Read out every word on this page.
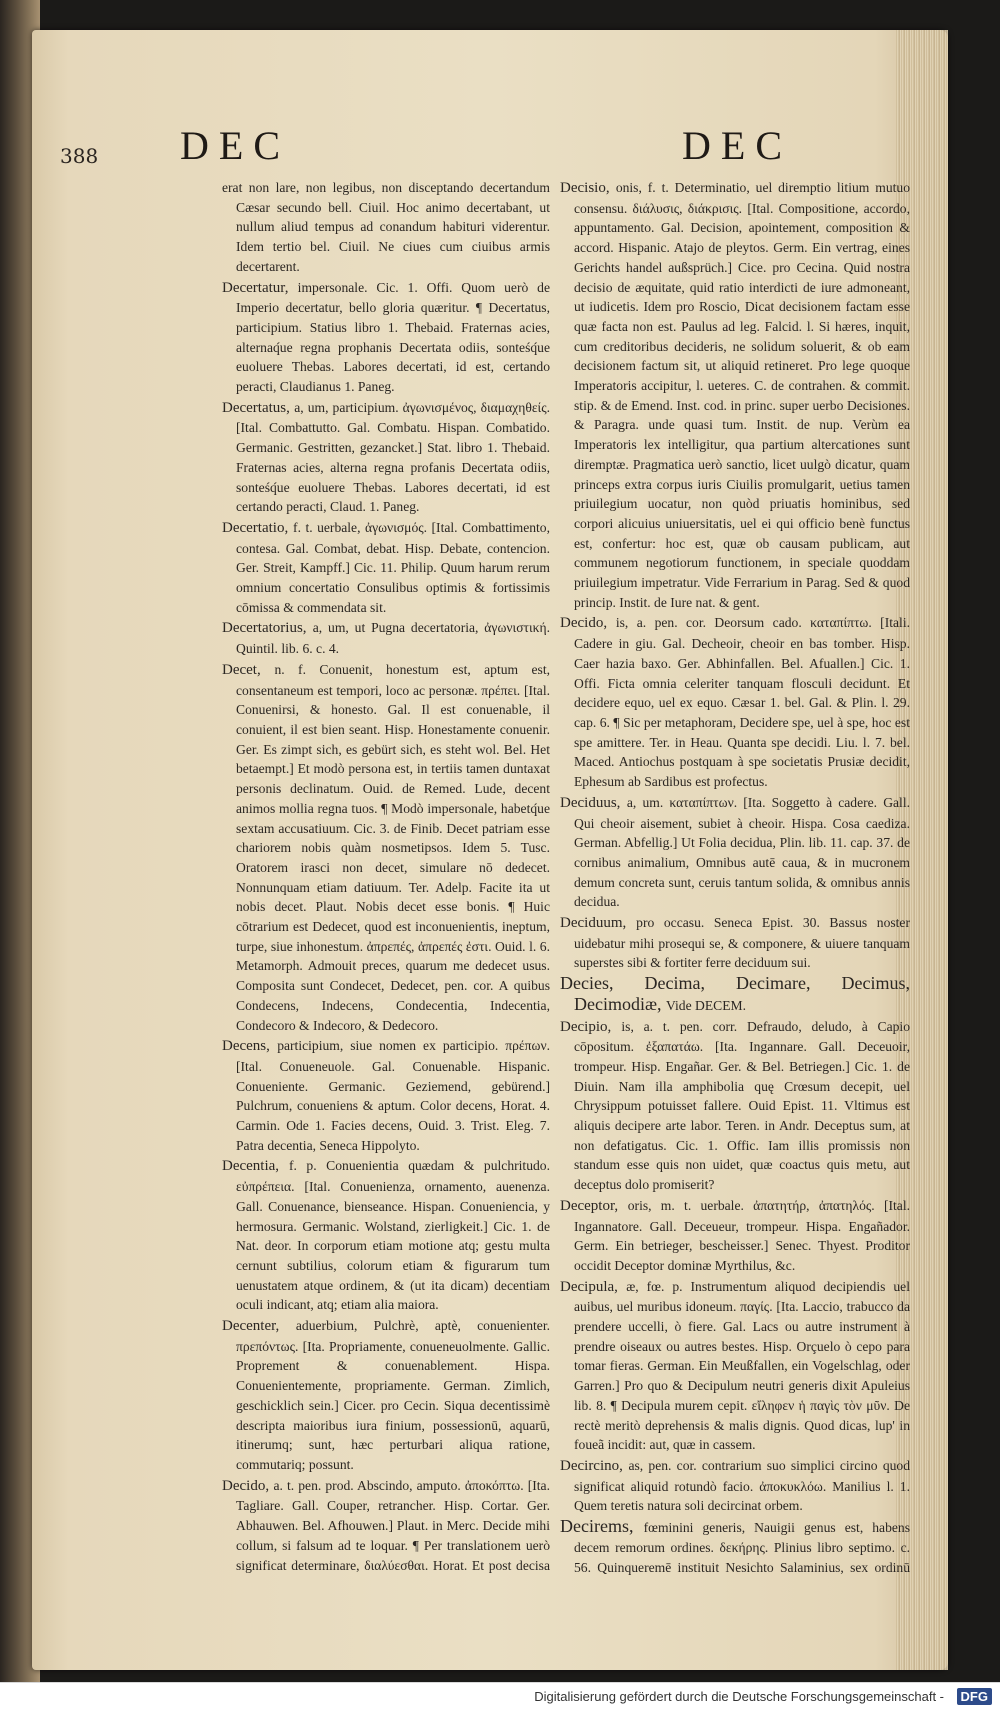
388 DEC	DEC

erat non lare, non legibus, non disceptando decertandum Cæsar secundo bell. Ciuil. Hoc animo decertabant, ut nullum aliud tempus ad conandum habituri viderentur. Idem tertio bel. Ciuil. Ne ciues cum ciuibus armis decertarent.

Decertatur, impersonale. Cic. 1. Offi. Quom uerò de Imperio decertatur, bello gloria quæritur. ¶ Decertatus, participium. Statius libro 1. Thebaid. Fraternas acies, alternaq́ue regna prophanis Decertata odiis, sonteśq́ue euoluere Thebas. Labores decertati, id est, certando peracti, Claudianus 1. Paneg.

Decertatus, a, um, participium. ἀγωνισμένος, διαμαχηθείς. [Ital. Combattutto. Gal. Combatu. Hispan. Combatido. Germanic. Gestritten, gezancket.] Stat. libro 1. Thebaid. Fraternas acies, alterna regna profanis Decertata odiis, sonteśq́ue euoluere Thebas. Labores decertati, id est certando peracti, Claud. 1. Paneg.

Decertatio, f. t. uerbale, ἀγωνισμός. [Ital. Combattimento, contesa. Gal. Combat, debat. Hisp. Debate, contencion. Ger. Streit, Kampff.] Cic. 11. Philip. Quum harum rerum omnium concertatio Consulibus optimis & fortissimis cōmissa & commendata sit.

Decertatorius, a, um, ut Pugna decertatoria, ἀγωνιστική. Quintil. lib. 6. c. 4.

Decet, n. f. Conuenit, honestum est, aptum est, consentaneum est tempori, loco ac personæ. πρέπει. [Ital. Conuenirsi, & honesto. Gal. Il est conuenable, il conuient, il est bien seant. Hisp. Honestamente conuenir. Ger. Es zimpt sich, es gebürt sich, es steht wol. Bel. Het betaempt.] Et modò persona est, in tertiis tamen duntaxat personis declinatum. Ouid. de Remed. Lude, decent animos mollia regna tuos. ¶ Modò impersonale, habetq́ue sextam accusatiuum. Cic. 3. de Finib. Decet patriam esse chariorem nobis quàm nosmetipsos. Idem 5. Tusc. Oratorem irasci non decet, simulare nō dedecet. Nonnunquam etiam datiuum. Ter. Adelp. Facite ita ut nobis decet. Plaut. Nobis decet esse bonis. ¶ Huic cōtrarium est Dedecet, quod est inconuenientis, ineptum, turpe, siue inhonestum. ἀπρεπές, ἀπρεπές ἐστι. Ouid. l. 6. Metamorph. Admouit preces, quarum me dedecet usus. Composita sunt Condecet, Dedecet, pen. cor. A quibus Condecens, Indecens, Condecentia, Indecentia, Condecoro & Indecoro, & Dedecoro.

Decens, participium, siue nomen ex participio. πρέπων. [Ital. Conueneuole. Gal. Conuenable. Hispanic. Conueniente. Germanic. Geziemend, gebürend.] Pulchrum, conueniens & aptum. Color decens, Horat. 4. Carmin. Ode 1. Facies decens, Ouid. 3. Trist. Eleg. 7. Patra decentia, Seneca Hippolyto.

Decentia, f. p. Conuenientia quædam & pulchritudo. εὐπρέπεια. [Ital. Conuenienza, ornamento, auenenza. Gall. Conuenance, bienseance. Hispan. Conueniencia, y hermosura. Germanic. Wolstand, zierligkeit.] Cic. 1. de Nat. deor. In corporum etiam motione atq; gestu multa cernunt subtilius, colorum etiam & figurarum tum uenustatem atque ordinem, & (ut ita dicam) decentiam oculi indicant, atq; etiam alia maiora.

Decenter, aduerbium, Pulchrè, aptè, conuenienter. πρεπόντως. [Ita. Propriamente, conueneuolmente. Gallic. Proprement & conuenablement. Hispa. Conuenientemente, propriamente. German. Zimlich, geschicklich sein.] Cicer. pro Cecin. Siqua decentissimè descripta maioribus iura finium, possessionū, aquarū, itinerumq; sunt, hæc perturbari aliqua ratione, commutariq; possunt.

Decido, a. t. pen. prod. Abscindo, amputo. ἀποκόπτω. [Ita. Tagliare. Gall. Couper, retrancher. Hisp. Cortar. Ger. Abhauwen. Bel. Afhouwen.] Plaut. in Merc. Decide mihi collum, si falsum ad te loquar. ¶ Per translationem uerò significat determinare, διαλύεσθαι. Horat. Et post decisa

Decisio, onis, f. t. Determinatio, uel diremptio litium mutuo consensu. διάλυσις, διάκρισις. [Ital. Compositione, accordo, appuntamento. Gal. Decision, apointement, composition & accord. Hispanic. Atajo de pleytos. Germ. Ein vertrag, eines Gerichts handel außsprüch.] Cice. pro Cecina. Quid nostra decisio de æquitate, quid ratio interdicti de iure admoneant, ut iudicetis. Idem pro Roscio, Dicat decisionem factam esse quæ facta non est. Paulus ad leg. Falcid. l. Si hæres, inquit, cum creditoribus decideris, ne solidum soluerit, & ob eam decisionem factum sit, ut aliquid retineret. Pro lege quoque Imperatoris accipitur, l. ueteres. C. de contrahen. & commit. stip. & de Emend. Inst. cod. in princ. super uerbo Decisiones. & Paragra. unde quasi tum. Instit. de nup. Verùm ea Imperatoris lex intelligitur, qua partium altercationes sunt diremptæ. Pragmatica uerò sanctio, licet uulgò dicatur, quam princeps extra corpus iuris Ciuilis promulgarit, uetius tamen priuilegium uocatur, non quòd priuatis hominibus, sed corpori alicuius uniuersitatis, uel ei qui officio benè functus est, confertur: hoc est, quæ ob causam publicam, aut communem negotiorum functionem, in speciale quoddam priuilegium impetratur. Vide Ferrarium in Parag. Sed & quod princip. Instit. de Iure nat. & gent.

Decido, is, a. pen. cor. Deorsum cado. καταπίπτω. [Itali. Cadere in giu. Gal. Decheoir, cheoir en bas tomber. Hisp. Caer hazia baxo. Ger. Abhinfallen. Bel. Afuallen.] Cic. 1. Offi. Ficta omnia celeriter tanquam flosculi decidunt. Et decidere equo, uel ex equo. Cæsar 1. bel. Gal. & Plin. l. 29. cap. 6. ¶ Sic per metaphoram, Decidere spe, uel à spe, hoc est spe amittere. Ter. in Heau. Quanta spe decidi. Liu. l. 7. bel. Maced. Antiochus postquam à spe societatis Prusiæ decidit, Ephesum ab Sardibus est profectus.

Deciduus, a, um. καταπίπτων. [Ita. Soggetto à cadere. Gall. Qui cheoir aisement, subiet à cheoir. Hispa. Cosa caediza. German. Abfellig.] Ut Folia decidua, Plin. lib. 11. cap. 37. de cornibus animalium, Omnibus autē caua, & in mucronem demum concreta sunt, ceruis tantum solida, & omnibus annis decidua.

Deciduum, pro occasu. Seneca Epist. 30. Bassus noster uidebatur mihi prosequi se, & componere, & uiuere tanquam superstes sibi & fortiter ferre deciduum sui.

Decies, Decima, Decimare, Decimus, Decimodiæ, Vide DECEM.

Decipio, is, a. t. pen. corr. Defraudo, deludo, à Capio cōpositum. ἐξαπατάω. [Ita. Ingannare. Gall. Deceuoir, trompeur. Hisp. Engañar. Ger. & Bel. Betriegen.] Cic. 1. de Diuin. Nam illa amphibolia quę Crœsum decepit, uel Chrysippum potuisset fallere. Ouid Epist. 11. Vltimus est aliquis decipere arte labor. Teren. in Andr. Deceptus sum, at non defatigatus. Cic. 1. Offic. Iam illis promissis non standum esse quis non uidet, quæ coactus quis metu, aut deceptus dolo promiserit?

Deceptor, oris, m. t. uerbale. ἀπατητήρ, ἀπατηλός. [Ital. Ingannatore. Gall. Deceueur, trompeur. Hispa. Engañador. Germ. Ein betrieger, bescheisser.] Senec. Thyest. Proditor occidit Deceptor dominæ Myrthilus, &c.

Decipula, æ, fœ. p. Instrumentum aliquod decipiendis uel auibus, uel muribus idoneum. παγίς. [Ita. Laccio, trabucco da prendere uccelli, ò fiere. Gal. Lacs ou autre instrument à prendre oiseaux ou autres bestes. Hisp. Orçuelo ò cepo para tomar fieras. German. Ein Meußfallen, ein Vogelschlag, oder Garren.] Pro quo & Decipulum neutri generis dixit Apuleius lib. 8. ¶ Decipula murem cepit. εἴληφεν ἡ παγὶς τὸν μῦν. De rectè meritò deprehensis & malis dignis. Quod dicas, lup' in foueã incidit: aut, quæ in cassem.

Decircino, as, pen. cor. contrarium suo simplici circino quod significat aliquid rotundò facio. ἀποκυκλόω. Manilius l. 1. Quem teretis natura soli decircinat orbem.

Decirems, fœminini generis, Nauigii genus est, habens decem remorum ordines. δεκήρης. Plinius libro septimo. c. 56. Quinqueremē instituit Nesichto Salaminius, sex ordinū

Digitalisierung gefördert durch die Deutsche Forschungsgemeinschaft -	DFG
